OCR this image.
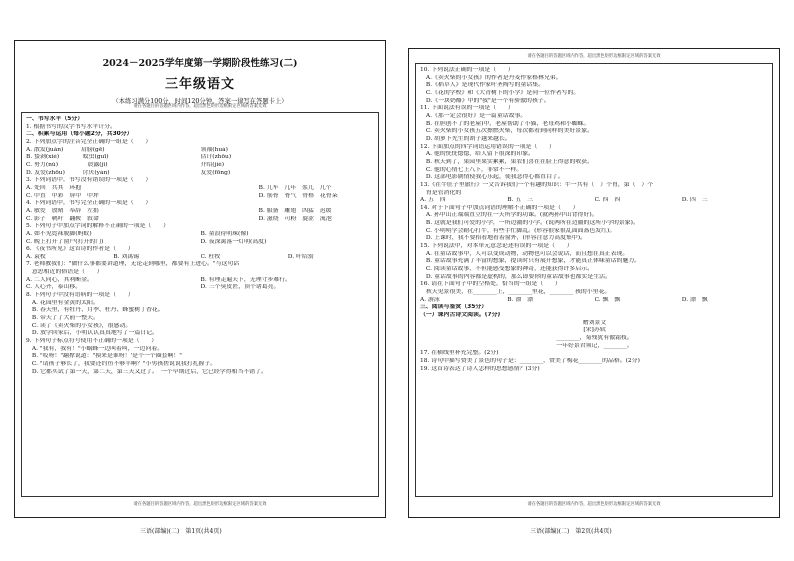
请在各题目的答题区域内作答，超出黑色矩形边框限定区域的答案无效
一、书写水平（5分）
1. 根据书写的汉字书写水平计分。
二、积累与运用（每小题2分，共30分）
2. 下列加点字的注音完全正确的一组是（　　）
A. 散发(juǎn)　　　肩膀(gē)	领袖(huà)
B. 蛰剥(xié)　　　　蚊虫(guī)	估计(zhōu)
C. 努力(nǔ)　　　　　晨露(jǐ)	介绍(jiè)
D. 友爱(zhōu)　　　讨厌(yàn)	友爱(fōng)
3. 下列词语中，书写没有错误的一项是（　　）
A. 处回　共其　环抱	B. 儿车　几年　浆儿　几个
C. 中直　中彩　屏中　中坪	D. 筋骨　骨气　骨格　花骨朵
4. 下列词语中，书写完全正确的一项是（　　）
A. 敏爱　放晴　奉辞　左捐	B. 服备　雕翅　凶猛　迟缓
C. 影子　鹌叶　翻鞍　叙命	D. 滋绕　可粉　旋涩　流泡
5. 下列句子中加点字词的解释不正确的一项是（　　）
A. 如不见霓袜脱脚(蚂蚁)	B. 童浪待明珠(像)
C. 晚上打开了窗户(打开的门)	D. 夜深篱落一灯明(高度)
6. 《夜书所见》这首诗的作者是（　　）
A. 袁枚	B. 刘禹锡	C. 杜牧	D. 叶绍翁
7. 老师教我们："做什么事都要讲道理，无论走到哪里，都要有上进心。"与这句话
　意思相近的俗语是（　　）
A. 二人同心，其利断金。	B. 有理走遍天下，无理寸步难行。
C. 人心齐，泰山移。	D. 三个臭皮匠，顶个诸葛亮。
8. 下列句子中没有语病的一项是（　　）
　A. 花园里有金黄的太阳。
　B. 春天里，有牡丹、月季、杜丹、蜂蜜树丁香花。
　B. 带天了了大前一整天。
　C. 读了《卖火柴的小女孩》，很感动。
　D. 放学回家后，小明认认真真地写了一篇日记。
9. 下列句子标点符号使用不正确的一项是（　　）
　A. "我有，我有！"小蜗蜂一边叫着叫，一边问着。
　B. "哎呀！"翻撑说道："摸来是谁呀！'是个一个圈套啊！"
　C. "请孩子够长了，我要还钓鱼不够半啊？"小男孩搓说说我打扎握子。
　D. 它都买试了第一天，第二天，第三天又过了。　一个早期过后，它已经学得相当不错了。
请在各题目的答题区域内作答，超出黑色矩形边框限定区域的答案无效
2024－2025学年度第一学期阶段性练习(二)
三年级语文
（本练习满分100分，时间120分钟。答案一律写在答题卡上）
三语(部编)(二)　第1页(共4页)
请在各题目的答题区域内作答，超出黑色矩形边框限定区域的答案无效
10. 下列说法正确的一项是（　　）
　A.《卖火柴的小女孩》的作者是丹麦作家格林兄弟。
　B.《稻草人》是现代作家叶圣陶写的童话集。
　C.《花的学校》和《大青树下的小学》是同一位作者写的。
　D.《一块奶酪》中的"我"是一个有骄傲的孩子。
11. 下面说法有误的一项是（　　）
　A.《那一定会很好》是一篇童话故事。
　B. 在胆创不了的老屋)中，老屋帮助了小猫、老母鸡和小蜘蛛。
　C. 卖火柴的小女孩五次擦燃火柴，每次都看到同样的美好景象。
　D. 胡萝卜先生的胡子越来越长。
12. 下面加点的四字词语运用错误的一项是（　　）
　A. 他的恍恍惚惚，给人留下很深的印象。
　B. 秋天到了，果园里果实累累，果农们喜在在脸上得意的收获。
　C. 他的心情七上八下，非常不一样。
　D. 这部电影剧情使我心乐起，使我悲得心都直白了。
13.《在牛肚子里旅行》一文告诉我们一个有趣的知识：牛一共有（　）个胃，第（　）个
　胃是管消化的
A. 五　四	B. 五　三	C. 四　四	D. 四　三
14. 对于下面句子中加点词语的理解不正确的一项是（　　）
　A. 孙中山正端端直立的在一天所学的功课。(就两孙中山背得好)。
　B. 这就是我们可爱的小学，一所边疆的小学。(说两所在边疆的这所小学的景象)。
　C. 小明明学会耐心打牛，有些手忙脚乱。(形容很家很乱面面盔色发红)。
　D. 上课时，我不要抬看地看着窗外，(形容注意力高度集中)。
15. 下列说法中，对本单元意念论述有误的一项是（　　）
　A. 在童话故事中，人可以变成动物，动物也可以会说话，而且想在真正表现。
　B. 童话故事充满了丰富的想象，提读时只有展开想象，才能真正体味童话的魅力。
　C. 阅读童话故事，不但能感受想象的神奇，还能获得许多启示。
　D. 童话故事的内容都是虚构的，那么即要你的童话故事也都实是生活。
16. 请在下面句子中的空格处，恰当的一组是（　　）
　秋天见景很美，在________上，________里花，________ 孩的小里花。
A. 游泳	B. 漂　漂	C. 飘　飘	D. 漂　飘
三、阅读与鉴赏（35分）
（一）课内古诗文阅读。(7分)
赠刘景文
[宋]苏轼
________，菊残犹有傲霜枝。
一年好景君须记，________。
17. 在横线里补充完整。(2分)
18. 诗句中描写赞美了景色的句子是：________，赞美了梅花________的品格。(2分)
19. 这首诗表达了诗人怎样的思想感情？(3分)
请在各题目的答题区域内作答，超出黑色矩形边框限定区域的答案无效
三语(部编)(二)　第2页(共4页)
